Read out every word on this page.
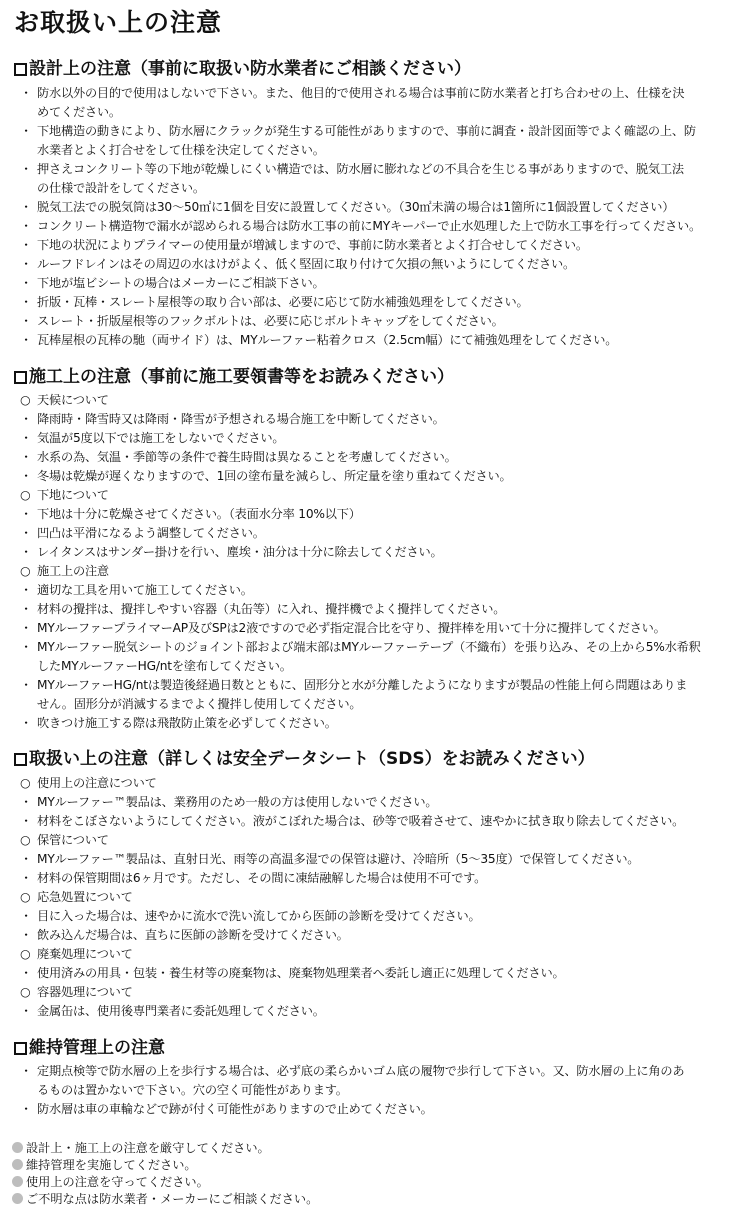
お取扱い上の注意
設計上の注意（事前に取扱い防水業者にご相談ください）
・ 防水以外の目的で使用はしないで下さい。また、他目的で使用される場合は事前に防水業者と打ち合わせの上、仕様を決
めてください。
・ 下地構造の動きにより、防水層にクラックが発生する可能性がありますので、事前に調査・設計図面等でよく確認の上、防
水業者とよく打合せをして仕様を決定してください。
・ 押さえコンクリート等の下地が乾燥しにくい構造では、防水層に膨れなどの不具合を生じる事がありますので、脱気工法
の仕様で設計をしてください。
・ 脱気工法での脱気筒は30～50㎡に1個を目安に設置してください。（30㎡未満の場合は1箇所に1個設置してください）
・ コンクリート構造物で漏水が認められる場合は防水工事の前にMYキーパーで止水処理した上で防水工事を行ってください。
・ 下地の状況によりプライマーの使用量が増減しますので、事前に防水業者とよく打合せしてください。
・ ルーフドレインはその周辺の水はけがよく、低く堅固に取り付けて欠損の無いようにしてください。
・ 下地が塩ビシートの場合はメーカーにご相談下さい。
・ 折版・瓦棒・スレート屋根等の取り合い部は、必要に応じて防水補強処理をしてください。
・ スレート・折版屋根等のフックボルトは、必要に応じボルトキャップをしてください。
・ 瓦棒屋根の瓦棒の馳（両サイド）は、MYルーファー粘着クロス（2.5cm幅）にて補強処理をしてください。
施工上の注意（事前に施工要領書等をお読みください）
○ 天候について
・ 降雨時・降雪時又は降雨・降雪が予想される場合施工を中断してください。
・ 気温が5度以下では施工をしないでください。
・ 水系の為、気温・季節等の条件で養生時間は異なることを考慮してください。
・ 冬場は乾燥が遅くなりますので、1回の塗布量を減らし、所定量を塗り重ねてください。
○ 下地について
・ 下地は十分に乾燥させてください。（表面水分率 10%以下）
・ 凹凸は平滑になるよう調整してください。
・ レイタンスはサンダー掛けを行い、塵埃・油分は十分に除去してください。
○ 施工上の注意
・ 適切な工具を用いて施工してください。
・ 材料の攪拌は、攪拌しやすい容器（丸缶等）に入れ、攪拌機でよく攪拌してください。
・ MYルーファープライマーAP及びSPは2液ですので必ず指定混合比を守り、攪拌棒を用いて十分に攪拌してください。
・ MYルーファー脱気シートのジョイント部および端末部はMYルーファーテープ（不織布）を張り込み、その上から5%水希釈
したMYルーファーHG/ntを塗布してください。
・ MYルーファーHG/ntは製造後経過日数とともに、固形分と水が分離したようになりますが製品の性能上何ら問題はありま
せん。固形分が消滅するまでよく攪拌し使用してください。
・ 吹きつけ施工する際は飛散防止策を必ずしてください。
取扱い上の注意（詳しくは安全データシート（SDS）をお読みください）
○ 使用上の注意について
・ MYルーファー™製品は、業務用のため一般の方は使用しないでください。
・ 材料をこぼさないようにしてください。液がこぼれた場合は、砂等で吸着させて、速やかに拭き取り除去してください。
○ 保管について
・ MYルーファー™製品は、直射日光、雨等の高温多湿での保管は避け、冷暗所（5～35度）で保管してください。
・ 材料の保管期間は6ヶ月です。ただし、その間に凍結融解した場合は使用不可です。
○ 応急処置について
・ 目に入った場合は、速やかに流水で洗い流してから医師の診断を受けてください。
・ 飲み込んだ場合は、直ちに医師の診断を受けてください。
○ 廃棄処理について
・ 使用済みの用具・包装・養生材等の廃棄物は、廃棄物処理業者へ委託し適正に処理してください。
○ 容器処理について
・ 金属缶は、使用後専門業者に委託処理してください。
維持管理上の注意
・ 定期点検等で防水層の上を歩行する場合は、必ず底の柔らかいゴム底の履物で歩行して下さい。又、防水層の上に角のあ
るものは置かないで下さい。穴の空く可能性があります。
・ 防水層は車の車輪などで跡が付く可能性がありますので止めてください。
設計上・施工上の注意を厳守してください。
維持管理を実施してください。
使用上の注意を守ってください。
ご不明な点は防水業者・メーカーにご相談ください。
